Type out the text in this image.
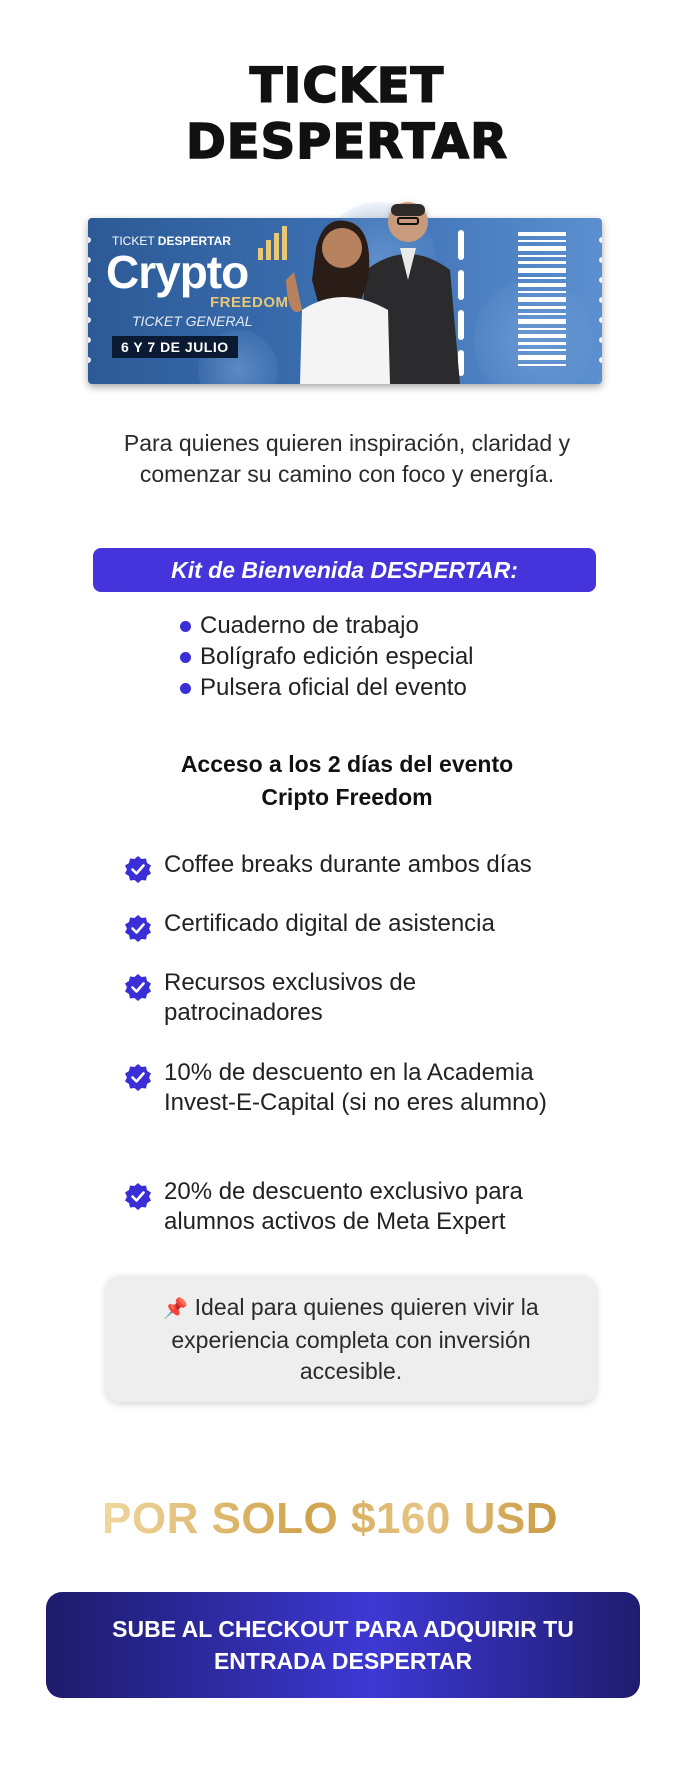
TICKET
DESPERTAR
TICKET DESPERTAR
Crypto
FREEDOM
TICKET GENERAL
6 Y 7 DE JULIO

Para quienes quieren inspiración, claridad y comenzar su camino con foco y energía.

Kit de Bienvenida DESPERTAR:
Cuaderno de trabajo
Bolígrafo edición especial
Pulsera oficial del evento
Acceso a los 2 días del evento
Cripto Freedom
Coffee breaks durante ambos días
Certificado digital de asistencia
Recursos exclusivos de patrocinadores
10% de descuento en la Academia Invest-E-Capital (si no eres alumno)
20% de descuento exclusivo para alumnos activos de Meta Expert
📌 Ideal para quienes quieren vivir la experiencia completa con inversión accesible.
POR SOLO $160 USD
SUBE AL CHECKOUT PARA ADQUIRIR TU
ENTRADA DESPERTAR
